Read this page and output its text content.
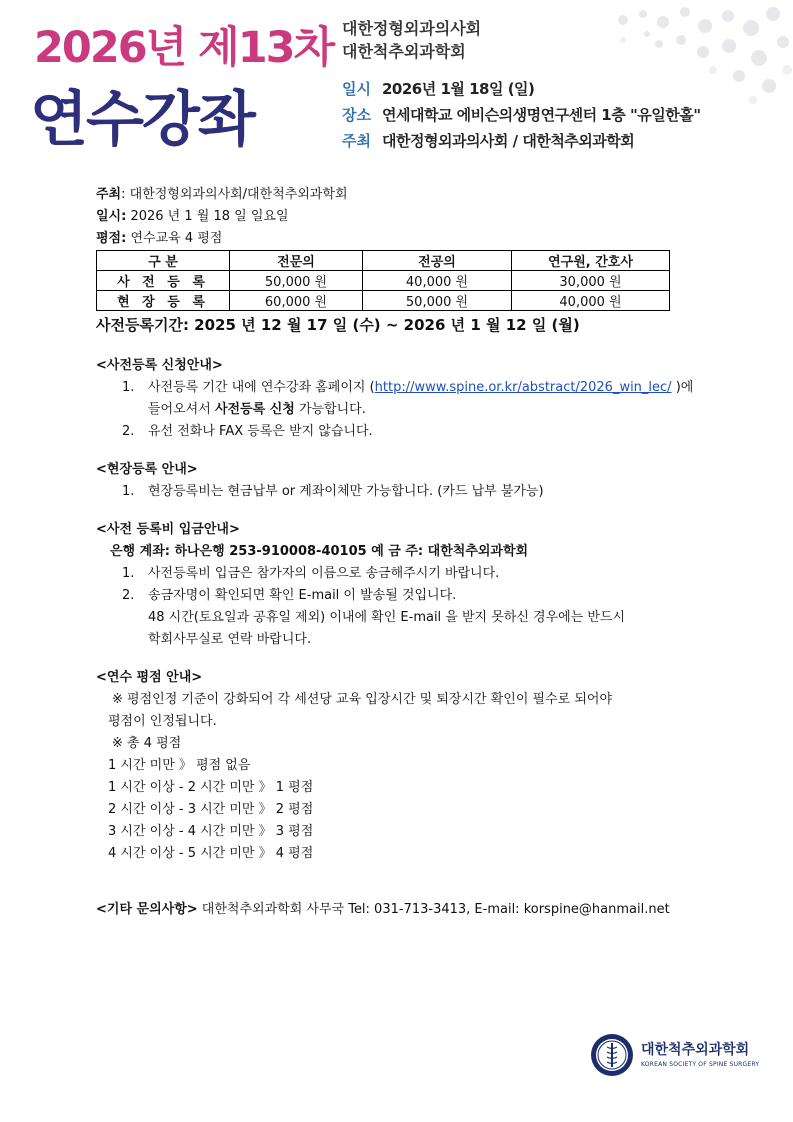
2026년 제13차
연수강좌
대한정형외과의사회
대한척추외과학회
일시 2026년 1월 18일 (일)
장소 연세대학교 에비슨의생명연구센터 1층 "유일한홀"
주최 대한정형외과의사회 / 대한척추외과학회
주최: 대한정형외과의사회/대한척추외과학회
일시: 2026 년 1 월 18 일 일요일
평점: 연수교육 4 평점
구 분	전문의	전공의	연구원, 간호사
사 전 등 록	50,000 원	40,000 원	30,000 원
현 장 등 록	60,000 원	50,000 원	40,000 원
사전등록기간: 2025 년 12 월 17 일 (수) ~ 2026 년 1 월 12 일 (월)
<사전등록 신청안내>
1. 사전등록 기간 내에 연수강좌 홈페이지 (http://www.spine.or.kr/abstract/2026_win_lec/ )에
들어오셔서 사전등록 신청 가능합니다.
2. 유선 전화나 FAX 등록은 받지 않습니다.
<현장등록 안내>
1. 현장등록비는 현금납부 or 계좌이체만 가능합니다. (카드 납부 불가능)
<사전 등록비 입금안내>
은행 계좌: 하나은행 253-910008-40105 예 금 주: 대한척추외과학회
1. 사전등록비 입금은 참가자의 이름으로 송금해주시기 바랍니다.
2. 송금자명이 확인되면 확인 E-mail 이 발송될 것입니다.
48 시간(토요일과 공휴일 제외) 이내에 확인 E-mail 을 받지 못하신 경우에는 반드시
학회사무실로 연락 바랍니다.
<연수 평점 안내>
※ 평점인정 기준이 강화되어 각 세션당 교육 입장시간 및 퇴장시간 확인이 필수로 되어야
평점이 인정됩니다.
※ 총 4 평점
1 시간 미만 》 평점 없음
1 시간 이상 - 2 시간 미만 》 1 평점
2 시간 이상 - 3 시간 미만 》 2 평점
3 시간 이상 - 4 시간 미만 》 3 평점
4 시간 이상 - 5 시간 미만 》 4 평점
<기타 문의사항> 대한척추외과학회 사무국 Tel: 031-713-3413, E-mail: korspine@hanmail.net
대한척추외과학회
KOREAN SOCIETY OF SPINE SURGERY
